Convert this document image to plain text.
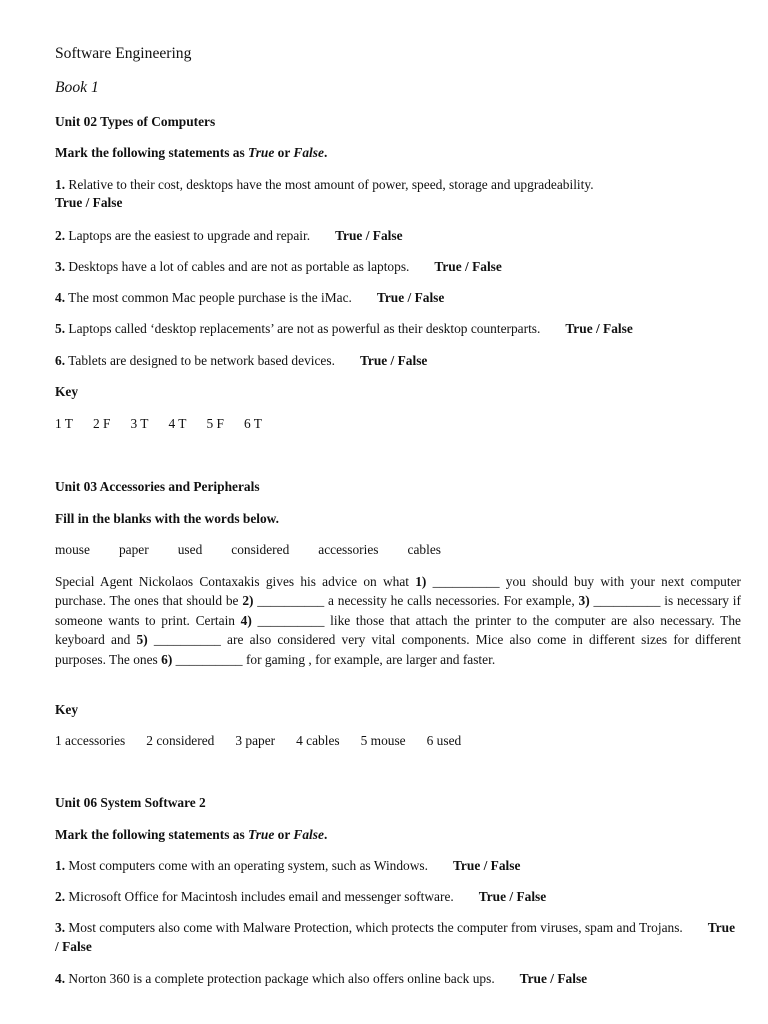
Software Engineering
Book 1
Unit 02 Types of Computers
Mark the following statements as True or False.
1. Relative to their cost, desktops have the most amount of power, speed, storage and upgradeability.
True / False
2. Laptops are the easiest to upgrade and repair. True / False
3. Desktops have a lot of cables and are not as portable as laptops. True / False
4. The most common Mac people purchase is the iMac. True / False
5. Laptops called ‘desktop replacements’ are not as powerful as their desktop counterparts. True / False
6. Tablets are designed to be network based devices. True / False
Key
1 T 2 F 3 T 4 T 5 F 6 T
Unit 03 Accessories and Peripherals
Fill in the blanks with the words below.
mouse paper used considered accessories cables
Special Agent Nickolaos Contaxakis gives his advice on what 1) __________ you should buy with your next computer purchase. The ones that should be 2) __________ a necessity he calls necessories. For example, 3) __________ is necessary if someone wants to print. Certain 4) __________ like those that attach the printer to the computer are also necessary. The keyboard and 5) __________ are also considered very vital components. Mice also come in different sizes for different purposes. The ones 6) __________ for gaming , for example, are larger and faster.
Key
1 accessories 2 considered 3 paper 4 cables 5 mouse 6 used
Unit 06 System Software 2
Mark the following statements as True or False.
1. Most computers come with an operating system, such as Windows. True / False
2. Microsoft Office for Macintosh includes email and messenger software. True / False
3. Most computers also come with Malware Protection, which protects the computer from viruses, spam and Trojans. True / False
4. Norton 360 is a complete protection package which also offers online back ups. True / False
